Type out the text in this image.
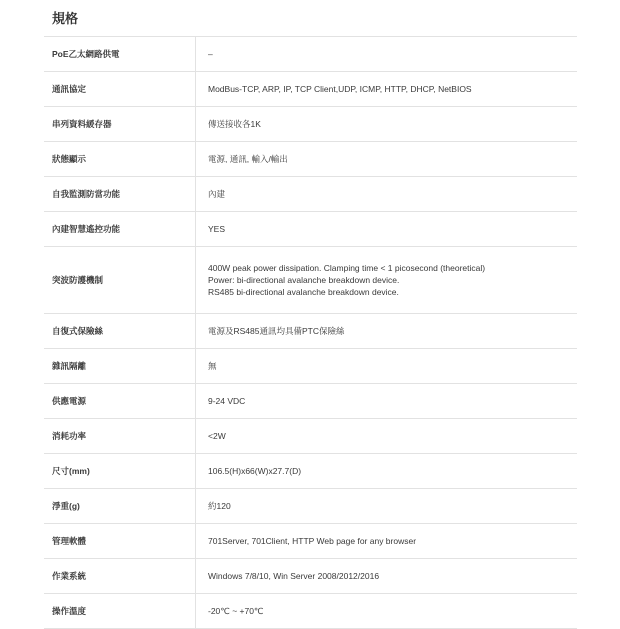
規格
PoE乙太網路供電	–

通訊協定	ModBus-TCP, ARP, IP, TCP Client,UDP, ICMP, HTTP, DHCP, NetBIOS

串列資料緩存器	傳送接收各1K

狀態顯示	電源, 通訊, 輸入/輸出

自我監測防當功能	內建

內建智慧遙控功能	YES

突波防護機制	400W peak power dissipation. Clamping time < 1 picosecond (theoretical)
Power: bi-directional avalanche breakdown device.
RS485 bi-directional avalanche breakdown device.

自復式保險絲	電源及RS485通訊均具備PTC保險絲

雜訊隔離	無

供應電源	9-24 VDC

消耗功率	<2W

尺寸(mm)	106.5(H)x66(W)x27.7(D)

淨重(g)	約120

管理軟體	701Server, 701Client, HTTP Web page for any browser

作業系統	Windows 7/8/10, Win Server 2008/2012/2016

操作溫度	-20℃ ~ +70℃
